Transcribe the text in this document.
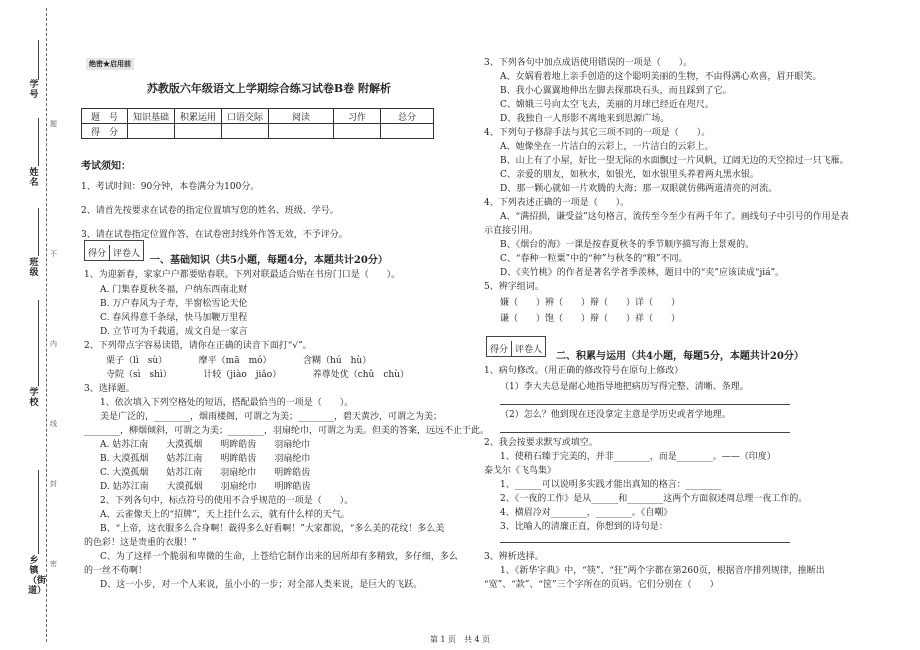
学号
姓名
班级
学校
乡镇（街道）
题
不
内
线
封
密
绝密★启用前
苏教版六年级语文上学期综合练习试卷B卷 附解析
题　号	知识基础	积累运用	口语交际	阅读	习作	总分
得　分						
考试须知：
1、考试时间：90分钟，本卷满分为100分。
2、请首先按要求在试卷的指定位置填写您的姓名、班级、学号。
3、请在试卷指定位置作答，在试卷密封线外作答无效，不予评分。
得分 评卷人
一、基础知识（共5小题，每题4分，本题共计20分）
1、为迎新春，家家户户都要贴春联。下列对联最适合贴在书房门口是（　　）。
A. 门集春夏秋冬福，户纳东西南北财
B. 万户春风为子寿，半窗松雪论天伦
C. 春风得意千条绿，快马加鞭万里程
D. 立节可为千载道，成文自是一家言
2、下列带点字容易读错，请你在正确的读音下面打“√”。
栗子（lì　sù）　　　　摩平（mā　mó）　　　　含糊（hú　hù）
寺院（sì　shì）　　　　计较（jiào　jiǎo）　　　　养尊处优（chǔ　chù）
3、选择题。
1、依次填入下列空格处的短语，搭配最恰当的一项是（　　）。
美是广泛的，________，烟雨楼阁，可谓之为美；________，碧天黄沙，可谓之为美；
________，柳烟倾斜，可谓之为美；________，羽扇纶巾，可谓之为美。但美的答案，远远不止于此。
A. 姑苏江南　　大漠孤烟　　明眸皓齿　　羽扇纶巾
B. 大漠孤烟　　姑苏江南　　明眸皓齿　　羽扇纶巾
C. 大漠孤烟　　姑苏江南　　羽扇纶巾　　明眸皓齿
D. 姑苏江南　　大漠孤烟　　羽扇纶巾　　明眸皓齿
2、下列各句中，标点符号的使用不合乎规范的一项是（　　）。
A、云雀像天上的“招牌”，天上挂什么云，就有什么样的天气。
B、“上帝，这衣服多么合身啊！裁得多么好看啊！”大家都说，“多么美的花纹！多么美
的色彩！这是贵重的衣服！”
C、为了这样一个脆弱和卑微的生命，上苍给它制作出来的居所却有多精致，多仔细，多么
的一丝不苟啊！
D、这一小步，对一个人来说，虽小小的一步；对全部人类来说，是巨大的飞跃。
3、下列各句中加点成语使用错误的一项是（　　）。
A、女娲看着地上亲手创造的这个聪明美丽的生物，不由得满心欢喜，眉开眼笑。
B、我小心翼翼地伸出左脚去探那块石头，而且踩到了它。
C、嫦娥三号向太空飞去，美丽的月球已经近在咫尺。
D、我独自一人形影不离地来到思源广场。
4、下列句子修辞手法与其它三项不同的一项是（　　）。
A、她像坐在一片洁白的云彩上，一片洁白的云彩上。
B、山上有了小屋，好比一望无际的水面飘过一片风帆，辽阔无边的天空掠过一只飞雁。
C、亲爱的朋友，如秋水，如银光，如水银里头养着两丸黑水银。
D、那一颗心就如一片欢腾的大海；那一双眼就仿佛两道清亮的河流。
4、下列表述正确的一项是（　　）。
A、“满招损，谦受益”这句格言，流传至今至少有两千年了。画线句子中引号的作用是表
示直接引用。
B、《烟台的海》一课是按春夏秋冬的季节顺序描写海上景观的。
C、“春种一粒粟”中的“种”与秋冬的“粮”不同。
D、《夹竹桃》的作者是著名学者季羡林，题目中的“夹”应该读成“jiá”。
5、辨字组词。
嫌（　　）辨（　　）辩（　　）详（　　）
谦（　　）饱（　　）辩（　　）祥（　　）
得分 评卷人
二、积累与运用（共4小题，每题5分，本题共计20分）
1、病句修改。（用正确的修改符号在原句上修改）
（1）李大夫总是耐心地指导地把病历写得完整、清晰、条理。
（2）怎么？他到现在还没拿定主意是学历史或者学地理。
2、我会按要求默写或填空。
1、使稍石臻于完美的，并非________，而是________。——（印度）
泰戈尔《飞鸟集》
1、______可以说明多实践才能出真知的格言：________
2、《一夜的工作》是从______和________这两个方面叙述周总理一夜工作的。
4、横眉冷对________，________。《自嘲》
3、比喻人的清廉正直，你想到的诗句是：
3、辨析选择。
1、《新华字典》中，“筷”、“狂”两个字都在第260页，根据音序排列规律，推断出
“宽”、“款”、“筐”三个字所在的页码。它们分别在（　　）
第 1 页　共 4 页
